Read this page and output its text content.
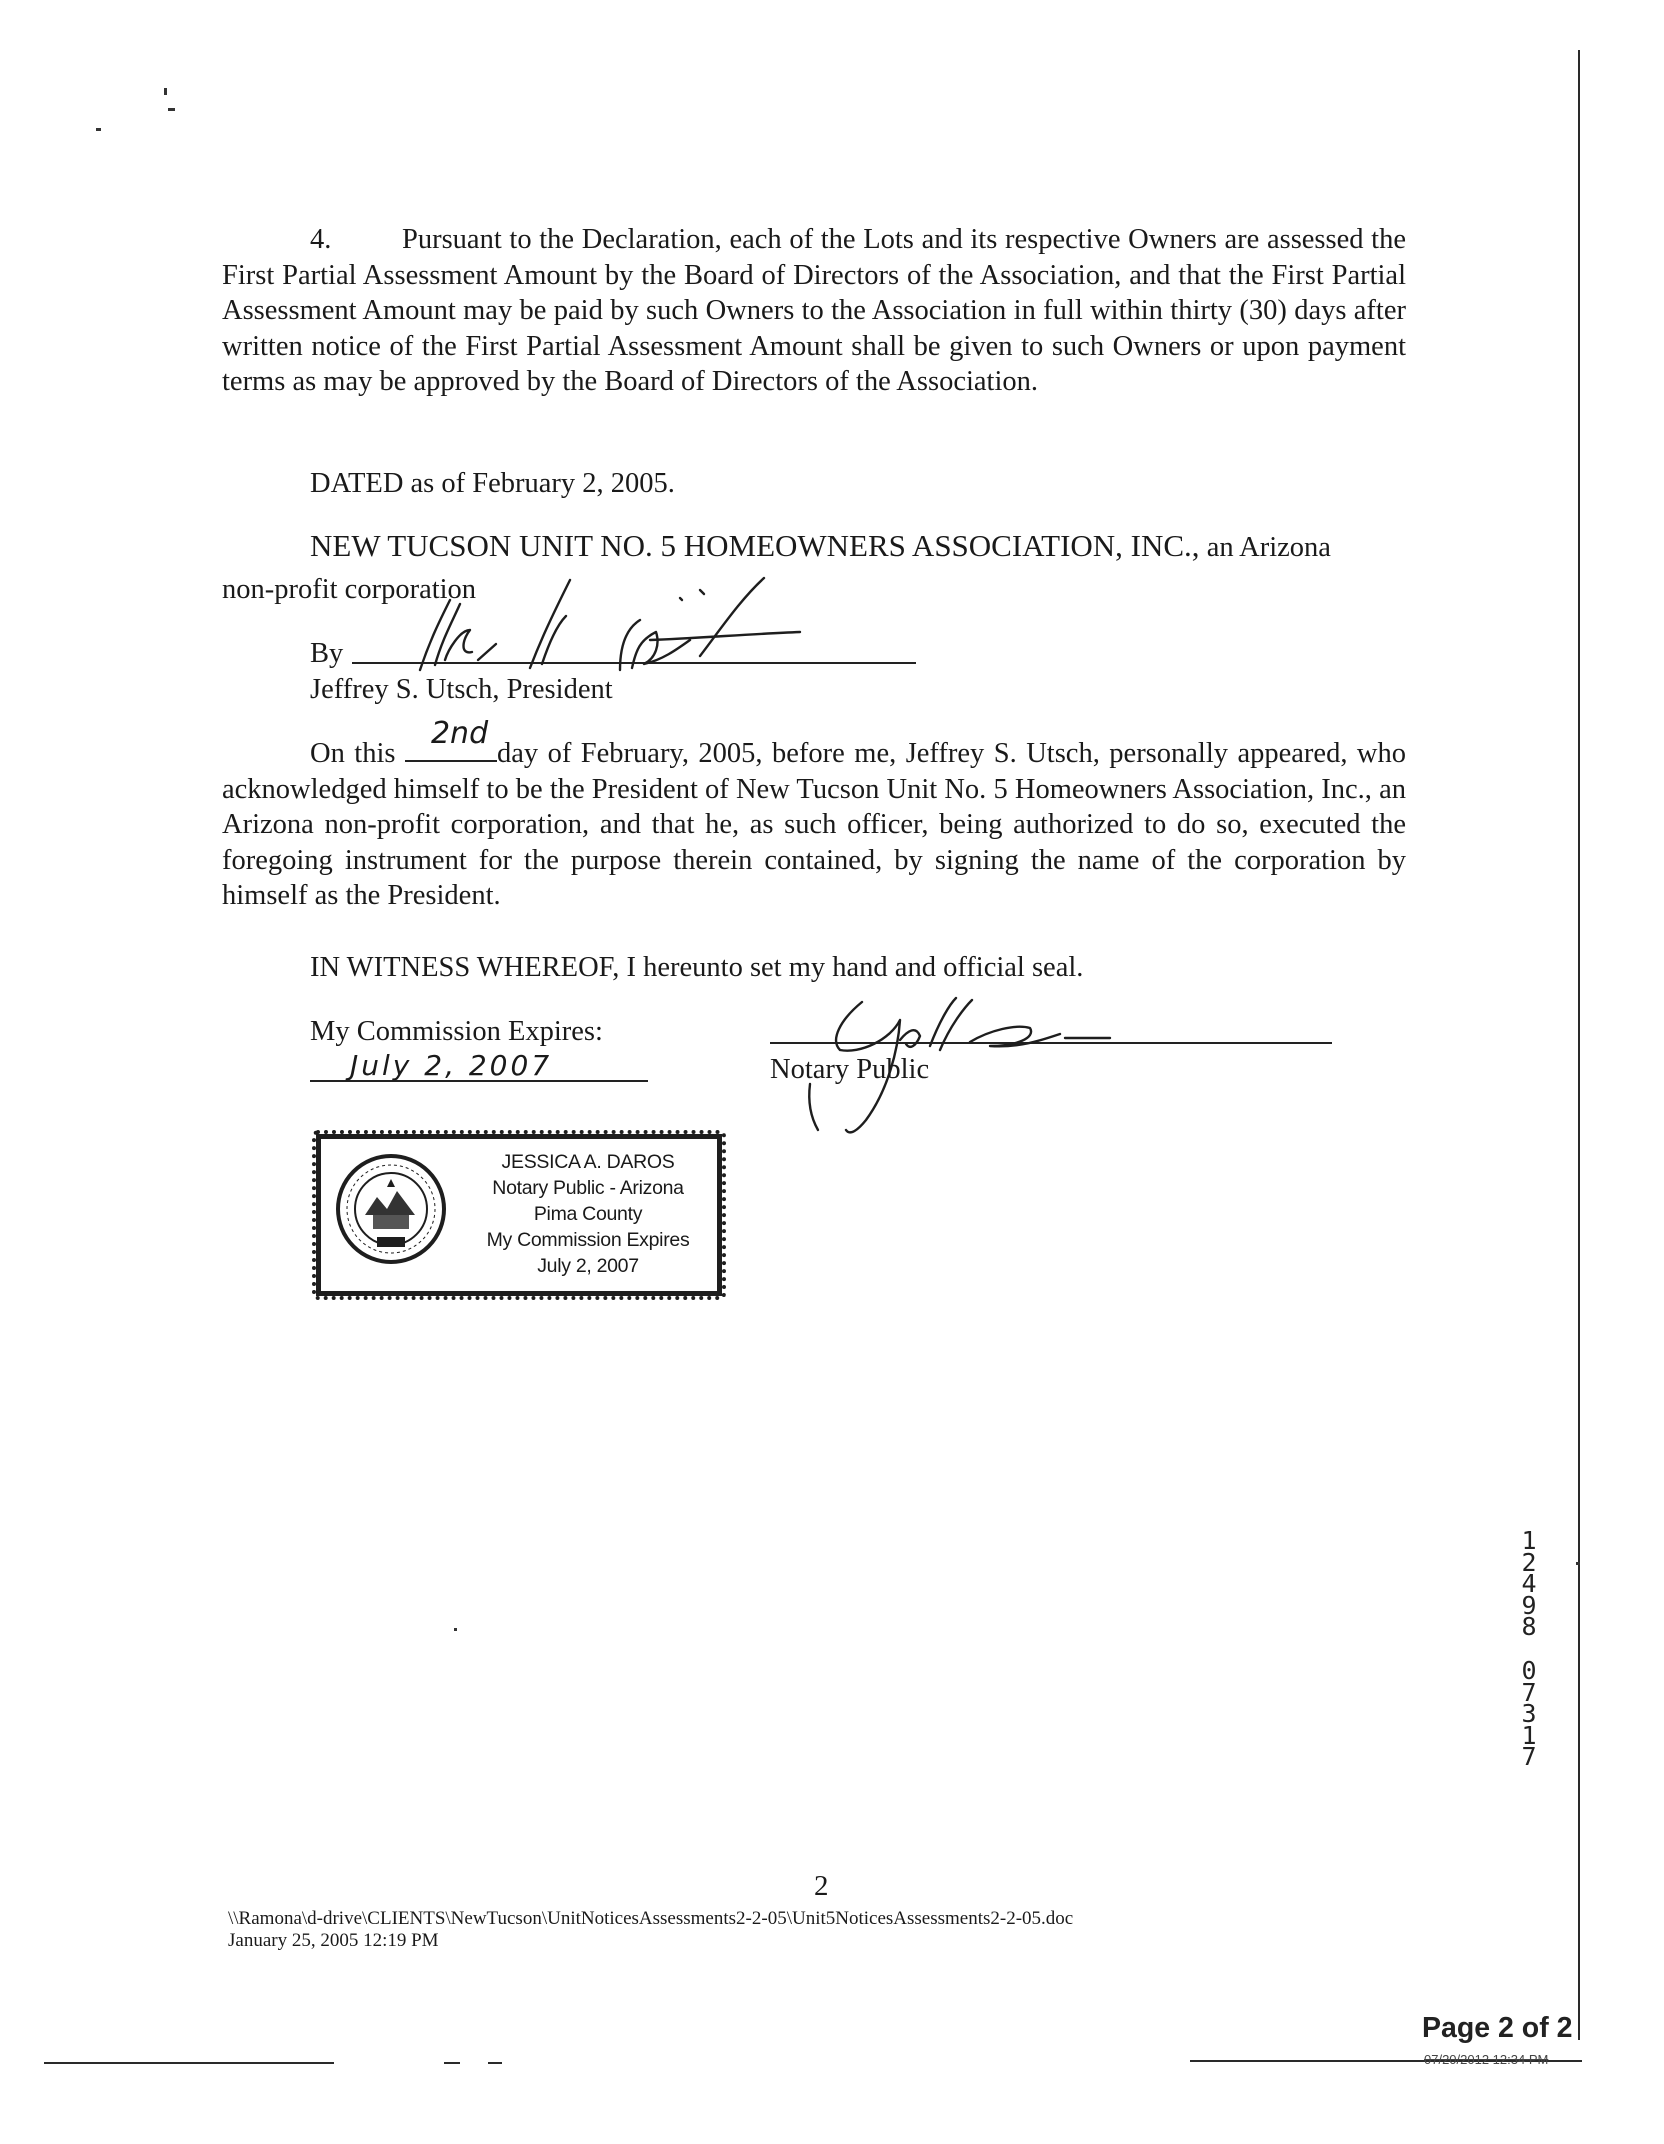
4. Pursuant to the Declaration, each of the Lots and its respective Owners are assessed the First Partial Assessment Amount by the Board of Directors of the Association, and that the First Partial Assessment Amount may be paid by such Owners to the Association in full within thirty (30) days after written notice of the First Partial Assessment Amount shall be given to such Owners or upon payment terms as may be approved by the Board of Directors of the Association.
DATED as of February 2, 2005.
NEW TUCSON UNIT NO. 5 HOMEOWNERS ASSOCIATION, INC., an Arizona
non-profit corporation
By
Jeffrey S. Utsch, President
On this
2nd
day of February, 2005, before me, Jeffrey S. Utsch, personally appeared, who acknowledged himself to be the President of New Tucson Unit No. 5 Homeowners Association, Inc., an Arizona non-profit corporation, and that he, as such officer, being authorized to do so, executed the foregoing instrument for the purpose therein contained, by signing the name of the corporation by himself as the President.
IN WITNESS WHEREOF, I hereunto set my hand and official seal.
My Commission Expires:
July 2, 2007	Notary Public
JESSICA A. DAROS
Notary Public - Arizona
Pima County
My Commission Expires
July 2, 2007
1
2
4
9
8
0
7
3
1
7
2
\\Ramona\d-drive\CLIENTS\NewTucson\UnitNoticesAssessments2-2-05\Unit5NoticesAssessments2-2-05.doc
January 25, 2005 12:19 PM
Page 2 of 2
07/20/2012 12:34 PM
